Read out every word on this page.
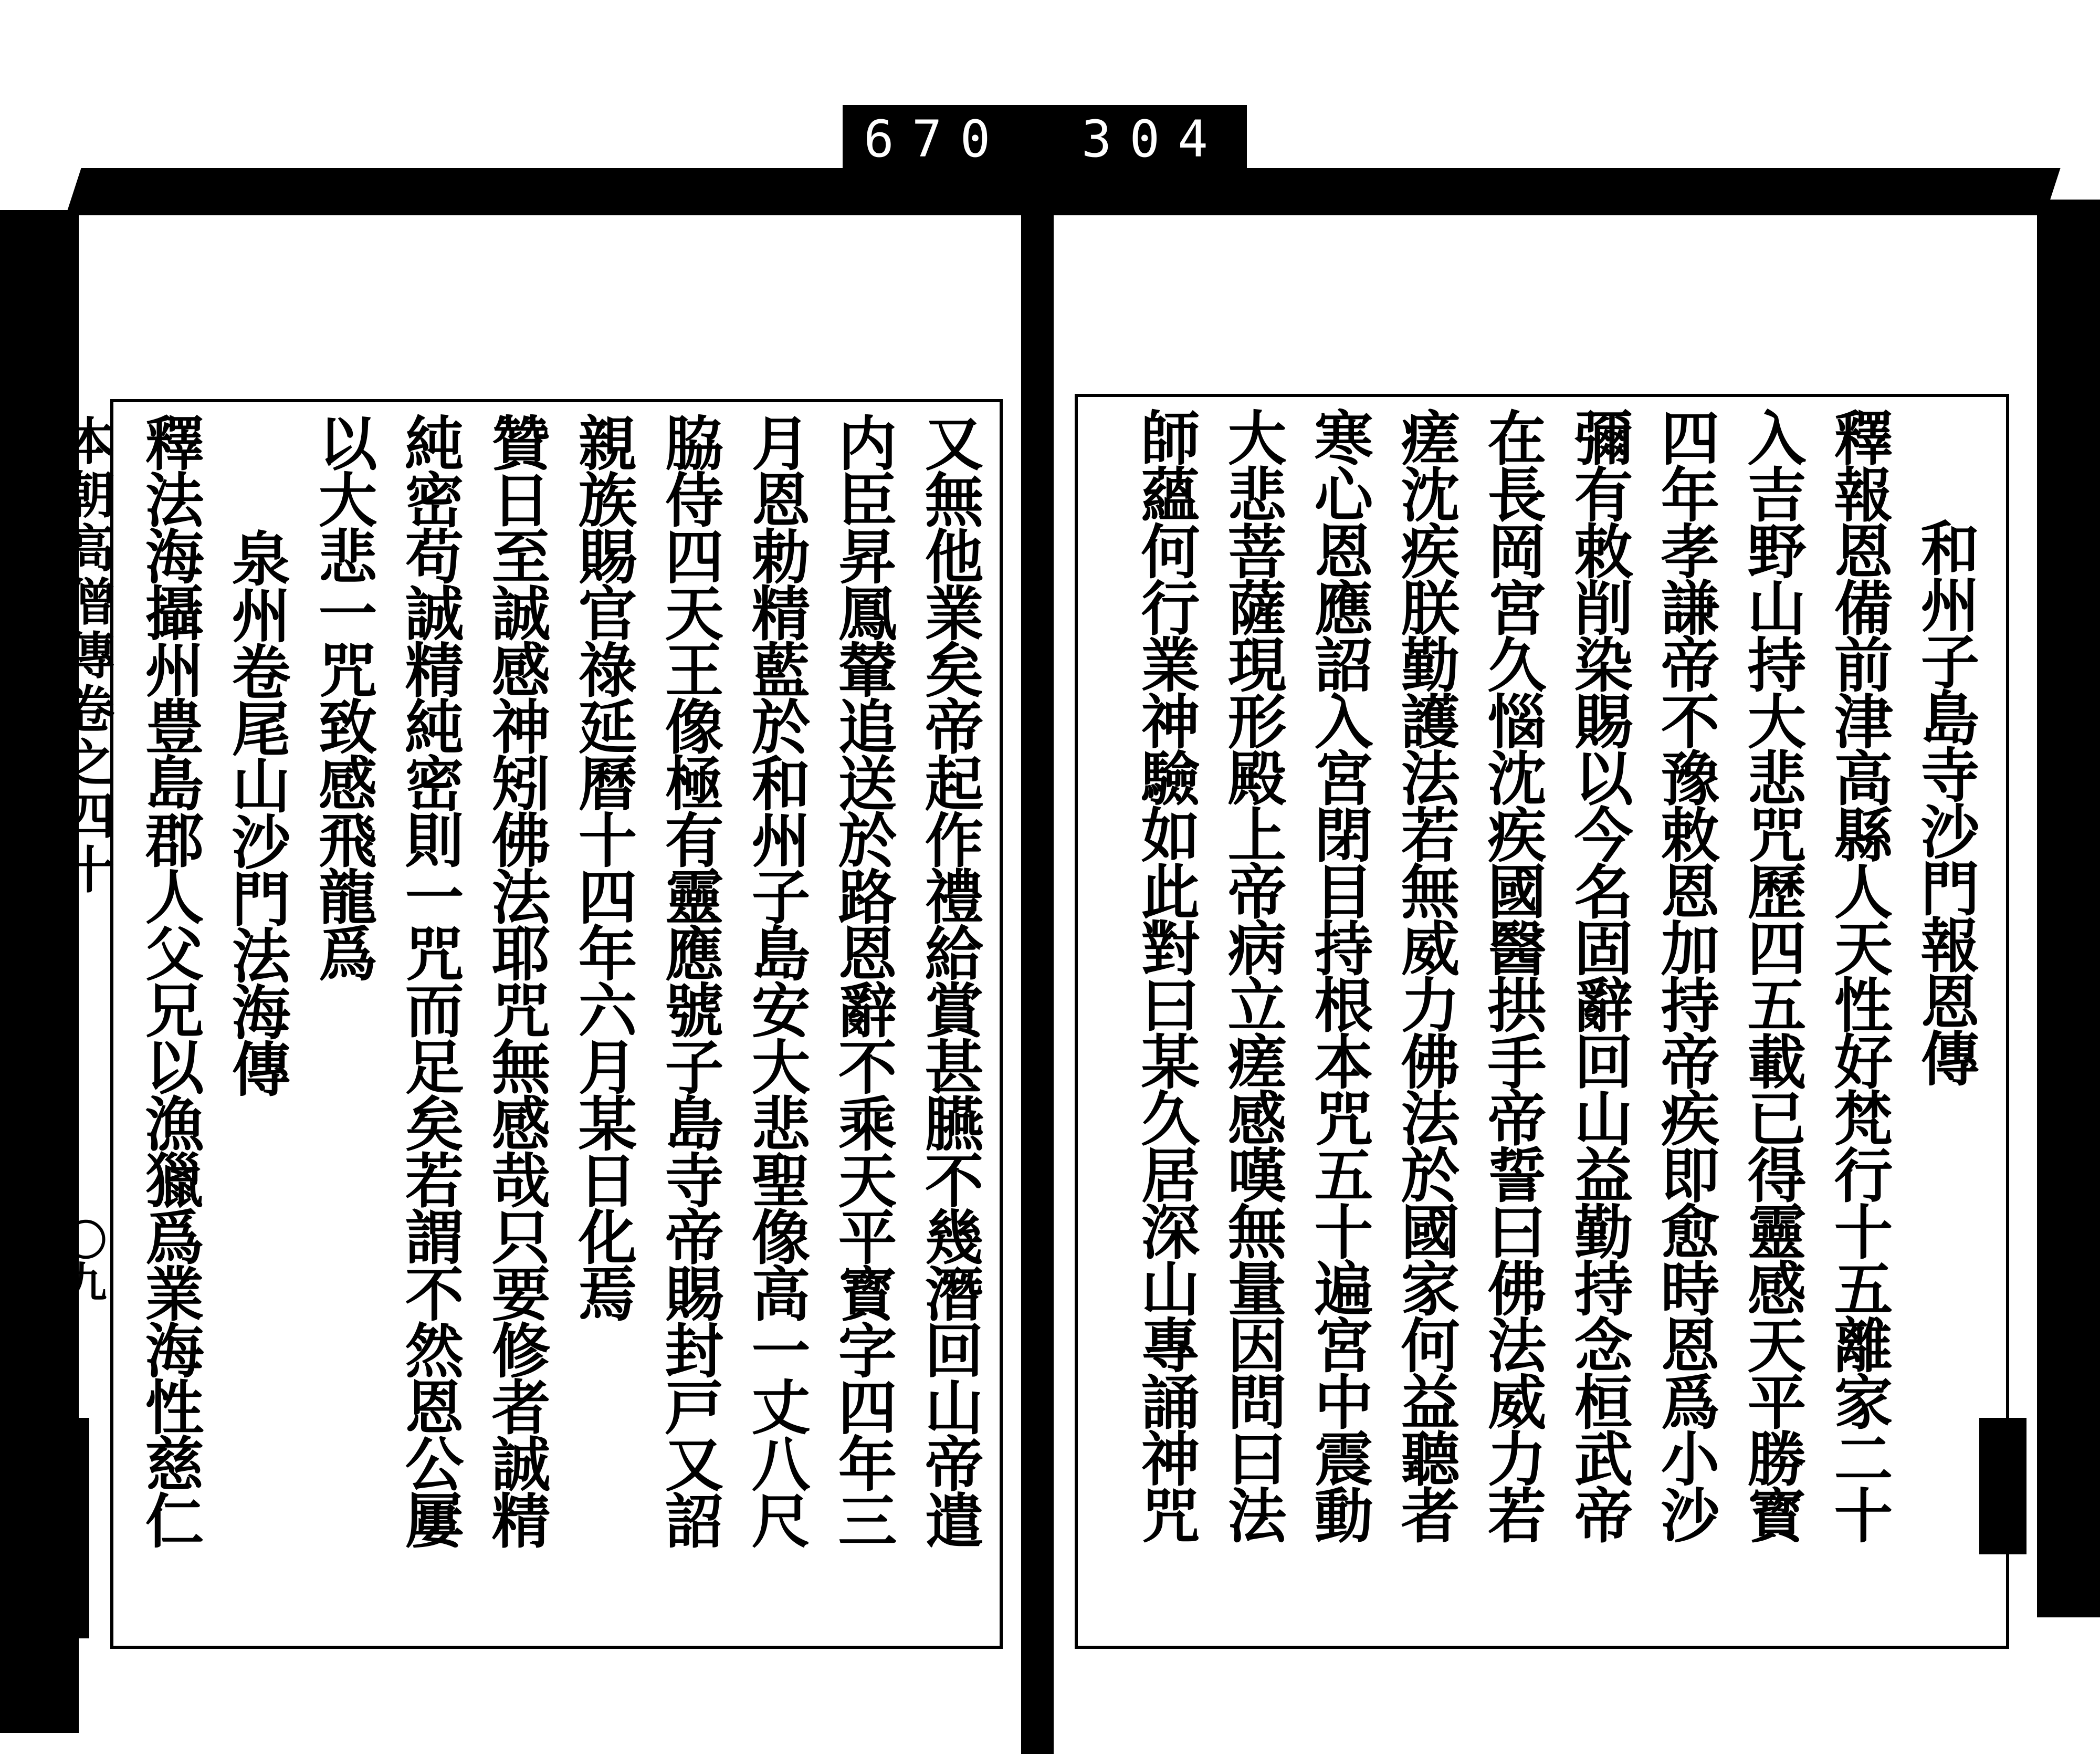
670 304
又無他業矣帝起作禮給賞甚臙不幾潛回山帝遣
内臣昇鳳輦追送於路恩辭不乘天平寳字四年三
月恩勅精藍於和州子島安大悲聖像高一丈八尺
脇侍四天王像極有靈應號子島寺帝賜封戸又詔
親族賜官祿延曆十四年六月某日化焉
贊日至誠感神矧佛法耶咒無感哉只要修者誠精
純密苟誠精純密則一咒而足矣若謂不然恩公屢
以大悲一咒致感飛龍爲
泉州卷尾山沙門法海傳
釋法海攝州豊島郡人父兄以漁獵爲業海性慈仁	和州子島寺沙門報恩傳
釋報恩備前津高縣人天性好梵行十五離家二十
入吉野山持大悲咒歷四五載已得靈感天平勝寳
四年孝謙帝不豫敕恩加持帝疾即愈時恩爲小沙
彌有敕削染賜以今名固辭回山益勤持念桓武帝
在長岡宮久惱沈疾國醫拱手帝誓曰佛法威力若
瘥沈疾朕勤護法若無威力佛法於國家何益聽者
寒心恩應詔入宮閉目持根本咒五十遍宮中震動
大悲菩薩現形殿上帝病立瘥感嘆無量因問曰法
師蘊何行業神驗如此對曰某久居深山專誦神咒
本朝高僧傳卷之四十
〇九
